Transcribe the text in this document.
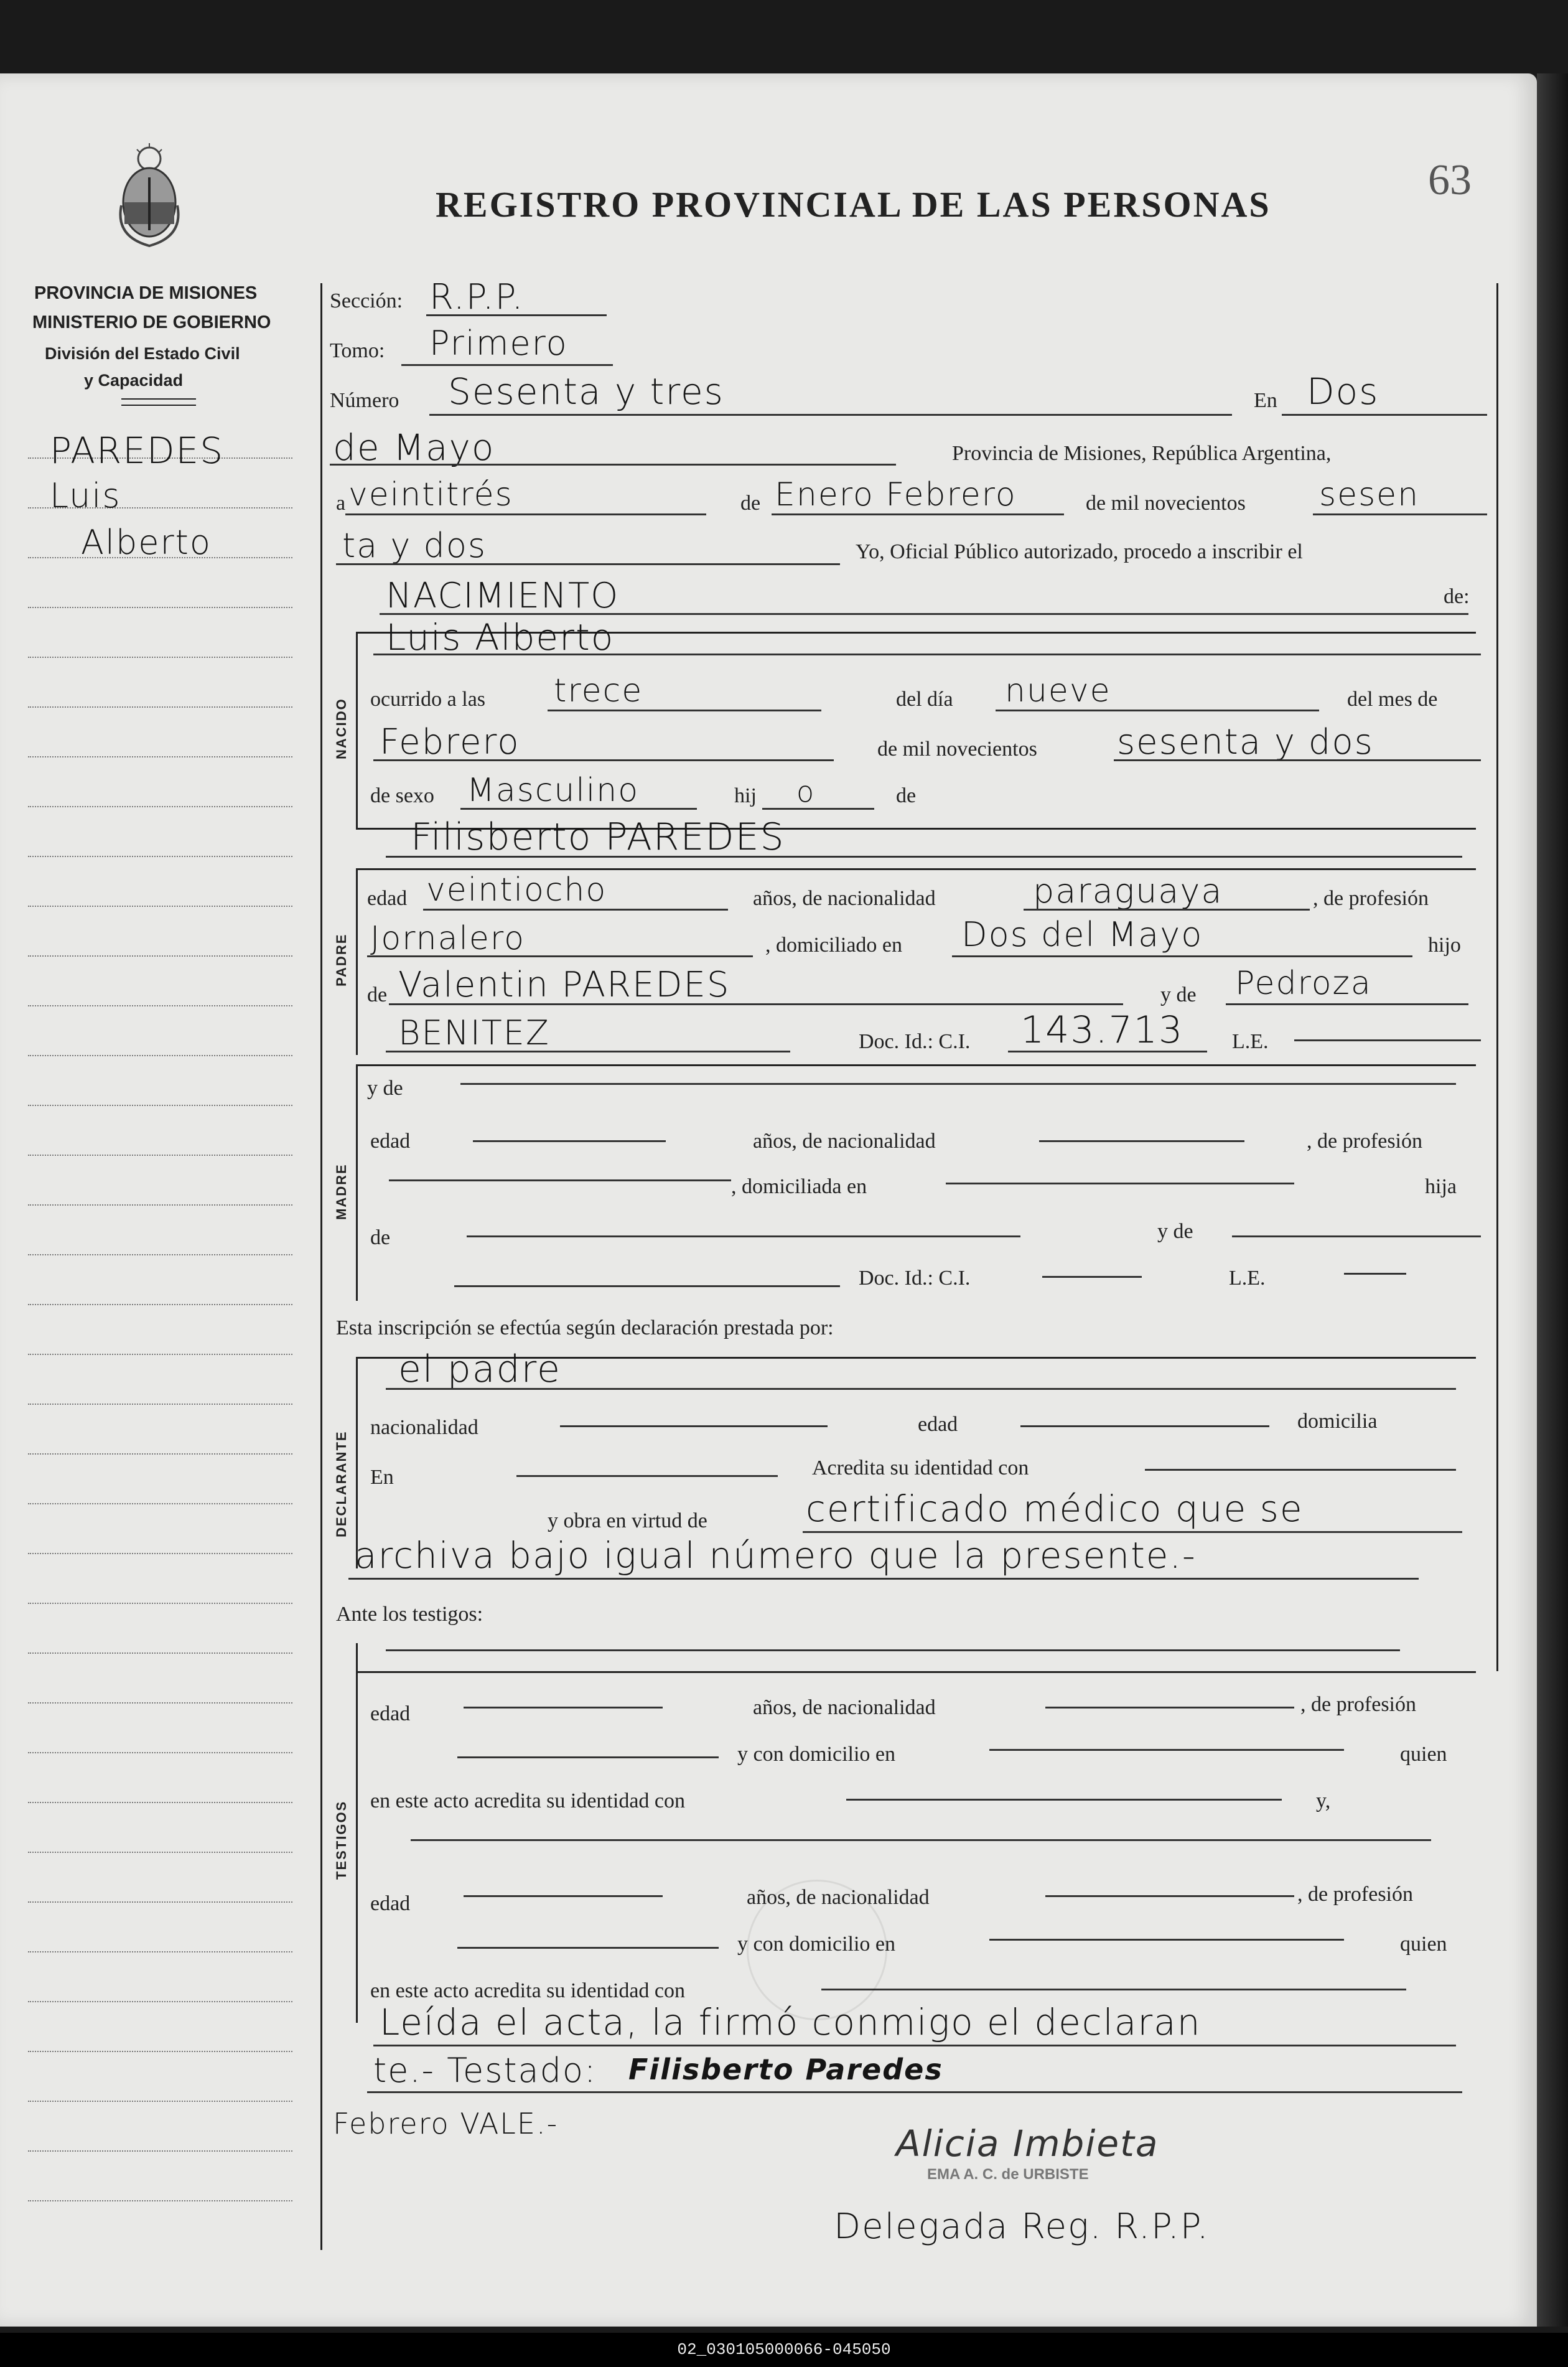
REGISTRO PROVINCIAL DE LAS PERSONAS
63
PROVINCIA DE MISIONES
MINISTERIO DE GOBIERNO
División del Estado Civil
y Capacidad
PAREDES
Luis
Alberto
NACIDO
PADRE
MADRE
DECLARANTE
TESTIGOS
Sección: R.P.P.
Tomo: Primero
Número Sesenta y tres	En Dos
de Mayo	Provincia de Misiones, República Argentina,
a veintitrés	de Enero Febrero	de mil novecientos sesen
ta y dos	Yo, Oficial Público autorizado, procedo a inscribir el
NACIMIENTO	de:
Luis Alberto
ocurrido a las trece	del día nueve	del mes de
Febrero	de mil novecientos sesenta y dos
de sexo Masculino	hij o	de
Filisberto PAREDES
edad veintiocho	años, de nacionalidad	paraguaya	, de profesión
Jornalero	, domiciliado en Dos del Mayo	hijo
de Valentin PAREDES	y de Pedroza
BENITEZ	Doc. Id.: C.I. 143.713 L.E.
y de
edad	años, de nacionalidad	, de profesión
, domiciliada en	hija
de	y de
Doc. Id.: C.I.	L.E.
Esta inscripción se efectúa según declaración prestada por:
el padre
nacionalidad	edad	domicilia
En	Acredita su identidad con
y obra en virtud de	certificado médico que se
archiva bajo igual número que la presente.-
Ante los testigos:
edad	años, de nacionalidad	, de profesión
y con domicilio en	quien
en este acto acredita su identidad con	y,
edad	años, de nacionalidad	, de profesión
y con domicilio en	quien
en este acto acredita su identidad con
Leída el acta, la firmó conmigo el declaran
te.- Testado: Filisberto Paredes
Febrero VALE.-	Alicia Imbieta
EMA A. C. de URBISTE
Delegada Reg. R.P.P.
02_030105000066-045050
